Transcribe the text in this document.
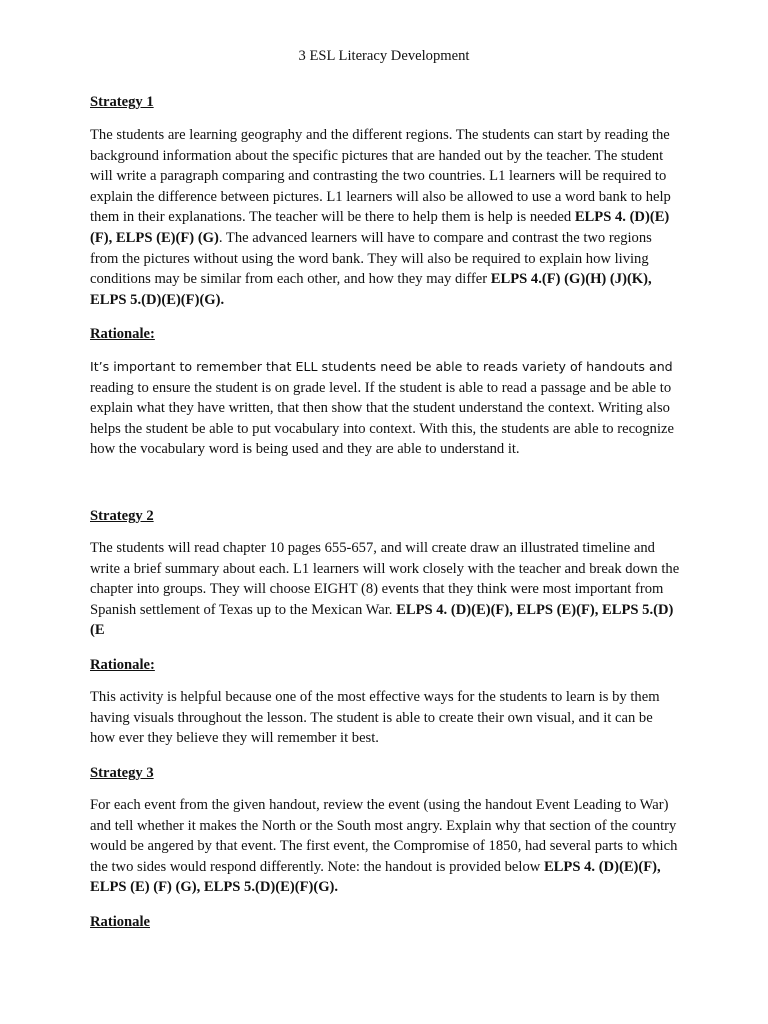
3 ESL Literacy Development
Strategy 1
The students are learning geography and the different regions. The students can start by reading the background information about the specific pictures that are handed out by the teacher. The student will write a paragraph comparing and contrasting the two countries. L1 learners will be required to explain the difference between pictures. L1 learners will also be allowed to use a word bank to help them in their explanations. The teacher will be there to help them is help is needed ELPS 4. (D)(E)(F), ELPS (E)(F) (G). The advanced learners will have to compare and contrast the two regions from the pictures without using the word bank. They will also be required to explain how living conditions may be similar from each other, and how they may differ ELPS 4.(F) (G)(H) (J)(K), ELPS 5.(D)(E)(F)(G).
Rationale:
It’s important to remember that ELL students need be able to reads variety of handouts and
reading to ensure the student is on grade level. If the student is able to read a passage and be able to explain what they have written, that then show that the student understand the context. Writing also helps the student be able to put vocabulary into context. With this, the students are able to recognize how the vocabulary word is being used and they are able to understand it.
Strategy 2
The students will read chapter 10 pages 655-657, and will create draw an illustrated timeline and write a brief summary about each. L1 learners will work closely with the teacher and break down the chapter into groups. They will choose EIGHT (8) events that they think were most important from Spanish settlement of Texas up to the Mexican War. ELPS 4. (D)(E)(F), ELPS (E)(F), ELPS 5.(D)(E
Rationale:
This activity is helpful because one of the most effective ways for the students to learn is by them having visuals throughout the lesson. The student is able to create their own visual, and it can be how ever they believe they will remember it best.
Strategy 3
For each event from the given handout, review the event (using the handout Event Leading to War) and tell whether it makes the North or the South most angry. Explain why that section of the country would be angered by that event. The first event, the Compromise of 1850, had several parts to which the two sides would respond differently. Note: the handout is provided below ELPS 4. (D)(E)(F), ELPS (E) (F) (G), ELPS 5.(D)(E)(F)(G).
Rationale
